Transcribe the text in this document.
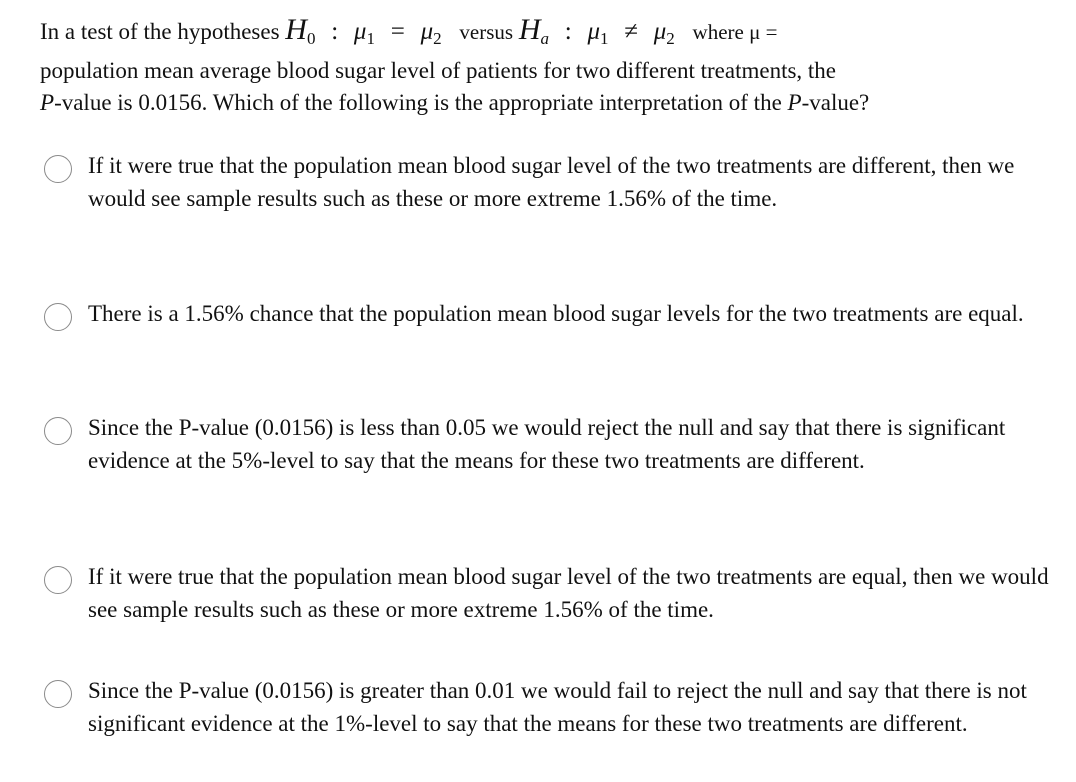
In a test of the hypotheses $H_0$ : $\mu_1 = \mu_2$ versus $H_a$ : $\mu_1 \ne \mu_2$ where μ =
population mean average blood sugar level of patients for two different treatments, the
P-value is 0.0156. Which of the following is the appropriate interpretation of the P-value?
If it were true that the population mean blood sugar level of the two treatments are different, then we would see sample results such as these or more extreme 1.56% of the time.
There is a 1.56% chance that the population mean blood sugar levels for the two treatments are equal.
Since the P-value (0.0156) is less than 0.05 we would reject the null and say that there is significant evidence at the 5%-level to say that the means for these two treatments are different.
If it were true that the population mean blood sugar level of the two treatments are equal, then we would see sample results such as these or more extreme 1.56% of the time.
Since the P-value (0.0156) is greater than 0.01 we would fail to reject the null and say that there is not significant evidence at the 1%-level to say that the means for these two treatments are different.
